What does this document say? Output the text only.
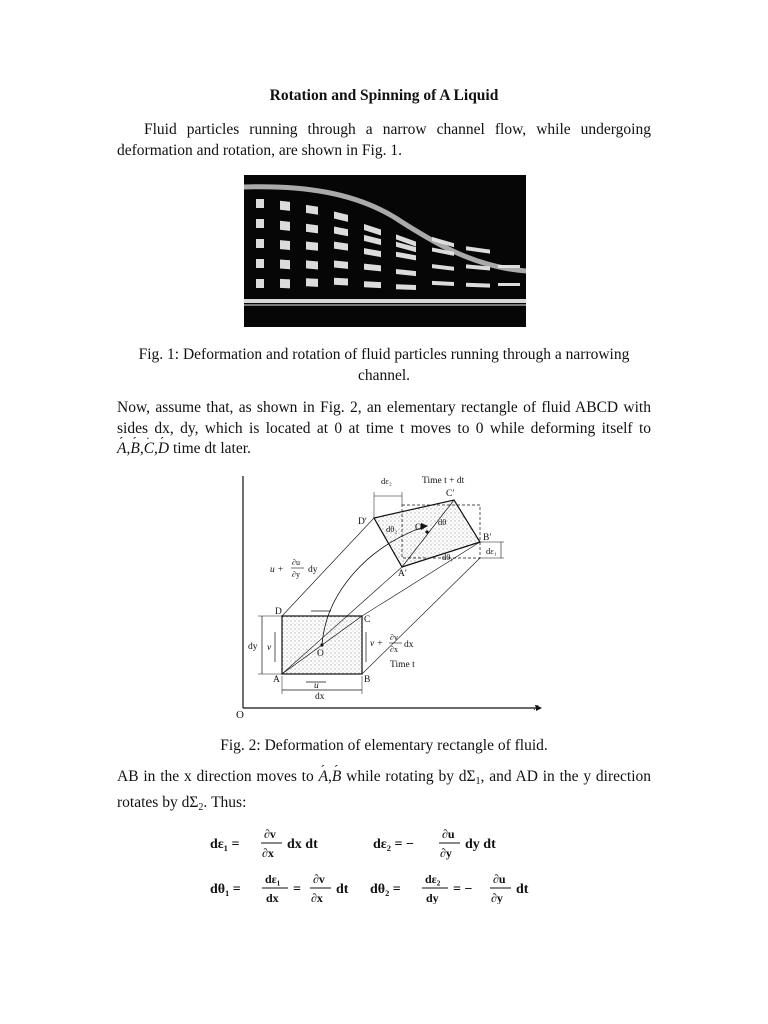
Rotation and Spinning of A Liquid
Fluid particles running through a narrow channel flow, while undergoing deformation and rotation, are shown in Fig. 1.
Fig. 1: Deformation and rotation of fluid particles running through a narrowing channel.
Now, assume that, as shown in Fig. 2, an elementary rectangle of fluid ABCD with sides dx, dy, which is located at 0 at time t moves to 0 while deforming itself to A ´,B ´,C ˙,D ´ time dt later.
O
x
A	B
C
D
O
dy v
u
dx
v +
∂v
∂x dx
Time t
u +
∂u
∂y dy
dε₂	Time t + dt
A′
B′
C′
D′
O′
dθ₂
dθ
dθ₁
dε₁
Fig. 2: Deformation of elementary rectangle of fluid.
AB in the x direction moves to A ´,B ´ while rotating by $d\Sigma_1$, and AD in the y direction rotates by $d\Sigma_2$. Thus:
dε₁ =
∂v
∂x
dx dt	dε₂ = −
∂u
∂y
dy dt
dθ₁ =
dε₁
dx
=
∂v
∂x
dt dθ₂ =
dε₂
dy
= −
∂u
∂y
dt
